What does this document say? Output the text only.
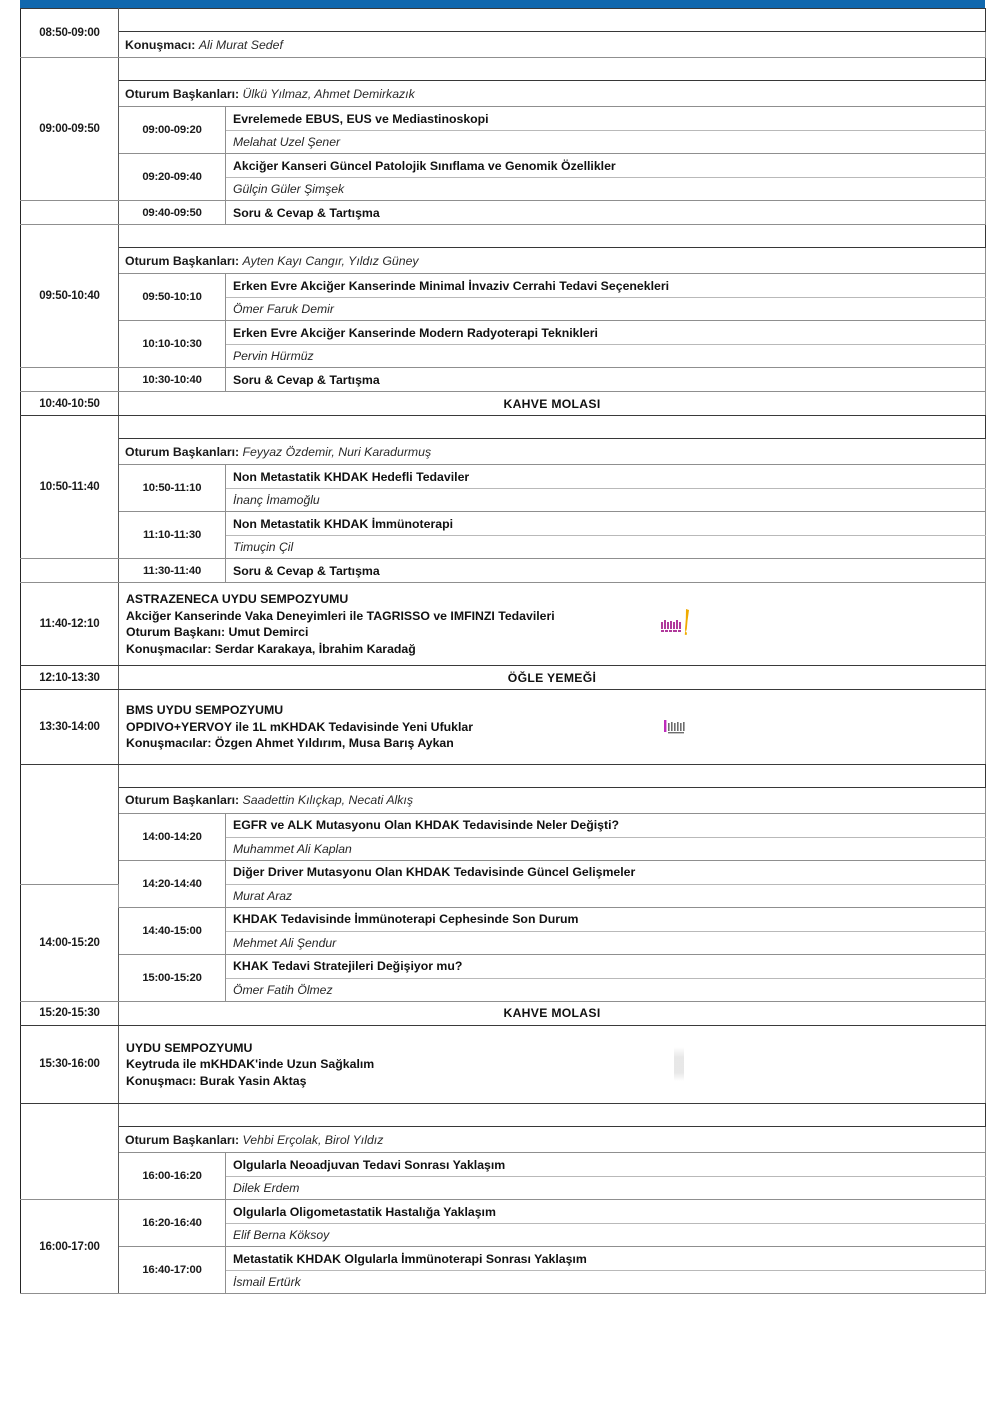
08:50-09:00	AÇILIŞ	
	Konuşmacı: Ali Murat Sedef	
09:00-09:50	PANEL - 1	
	Oturum Başkanları: Ülkü Yılmaz, Ahmet Demirkazık	
	09:00-09:20	Evrelemede EBUS, EUS ve Mediastinoskopi
		Melahat Uzel Şener
	09:20-09:40	Akciğer Kanseri Güncel Patolojik Sınıflama ve Genomik Özellikler
		Gülçin Güler Şimşek
	09:40-09:50	Soru & Cevap & Tartışma
09:50-10:40	PANEL - 2	
	Oturum Başkanları: Ayten Kayı Cangır, Yıldız Güney	
	09:50-10:10	Erken Evre Akciğer Kanserinde Minimal İnvaziv Cerrahi Tedavi Seçenekleri
		Ömer Faruk Demir
	10:10-10:30	Erken Evre Akciğer Kanserinde Modern Radyoterapi Teknikleri
		Pervin Hürmüz
	10:30-10:40	Soru & Cevap & Tartışma
10:40-10:50	KAHVE MOLASI	
10:50-11:40	PANEL - 3	
	Oturum Başkanları: Feyyaz Özdemir, Nuri Karadurmuş	
	10:50-11:10	Non Metastatik KHDAK Hedefli Tedaviler
		İnanç İmamoğlu
	11:10-11:30	Non Metastatik KHDAK İmmünoterapi
		Timuçin Çil
	11:30-11:40	Soru & Cevap & Tartışma
11:40-12:10	ASTRAZENECA UYDU SEMPOZYUMU
Akciğer Kanserinde Vaka Deneyimleri ile TAGRISSO ve IMFINZI Tedavileri
Oturum Başkanı: Umut Demirci
Konuşmacılar: Serdar Karakaya, İbrahim Karadağ	

12:10-13:30	ÖĞLE YEMEĞİ	
13:30-14:00	BMS UYDU SEMPOZYUMU
OPDIVO+YERVOY ile 1L mKHDAK Tedavisinde Yeni Ufuklar
Konuşmacılar: Özgen Ahmet Yıldırım, Musa Barış Aykan	

	PANEL - 4	
	Oturum Başkanları: Saadettin Kılıçkap, Necati Alkış	
	14:00-14:20	EGFR ve ALK Mutasyonu Olan KHDAK Tedavisinde Neler Değişti?
		Muhammet Ali Kaplan
	14:20-14:40	Diğer Driver Mutasyonu Olan KHDAK Tedavisinde Güncel Gelişmeler
14:00-15:20		Murat Araz
	14:40-15:00	KHDAK Tedavisinde İmmünoterapi Cephesinde Son Durum
		Mehmet Ali Şendur
	15:00-15:20	KHAK Tedavi Stratejileri Değişiyor mu?
		Ömer Fatih Ölmez
15:20-15:30	KAHVE MOLASI	
15:30-16:00	UYDU SEMPOZYUMU
Keytruda ile mKHDAK'inde Uzun Sağkalım
Konuşmacı: Burak Yasin Aktaş	

	PANEL - 5	
	Oturum Başkanları: Vehbi Erçolak, Birol Yıldız	
	16:00-16:20	Olgularla Neoadjuvan Tedavi Sonrası Yaklaşım
		Dilek Erdem
16:00-17:00	16:20-16:40	Olgularla Oligometastatik Hastalığa Yaklaşım
		Elif Berna Köksoy
	16:40-17:00	Metastatik KHDAK Olgularla İmmünoterapi Sonrası Yaklaşım
		İsmail Ertürk
